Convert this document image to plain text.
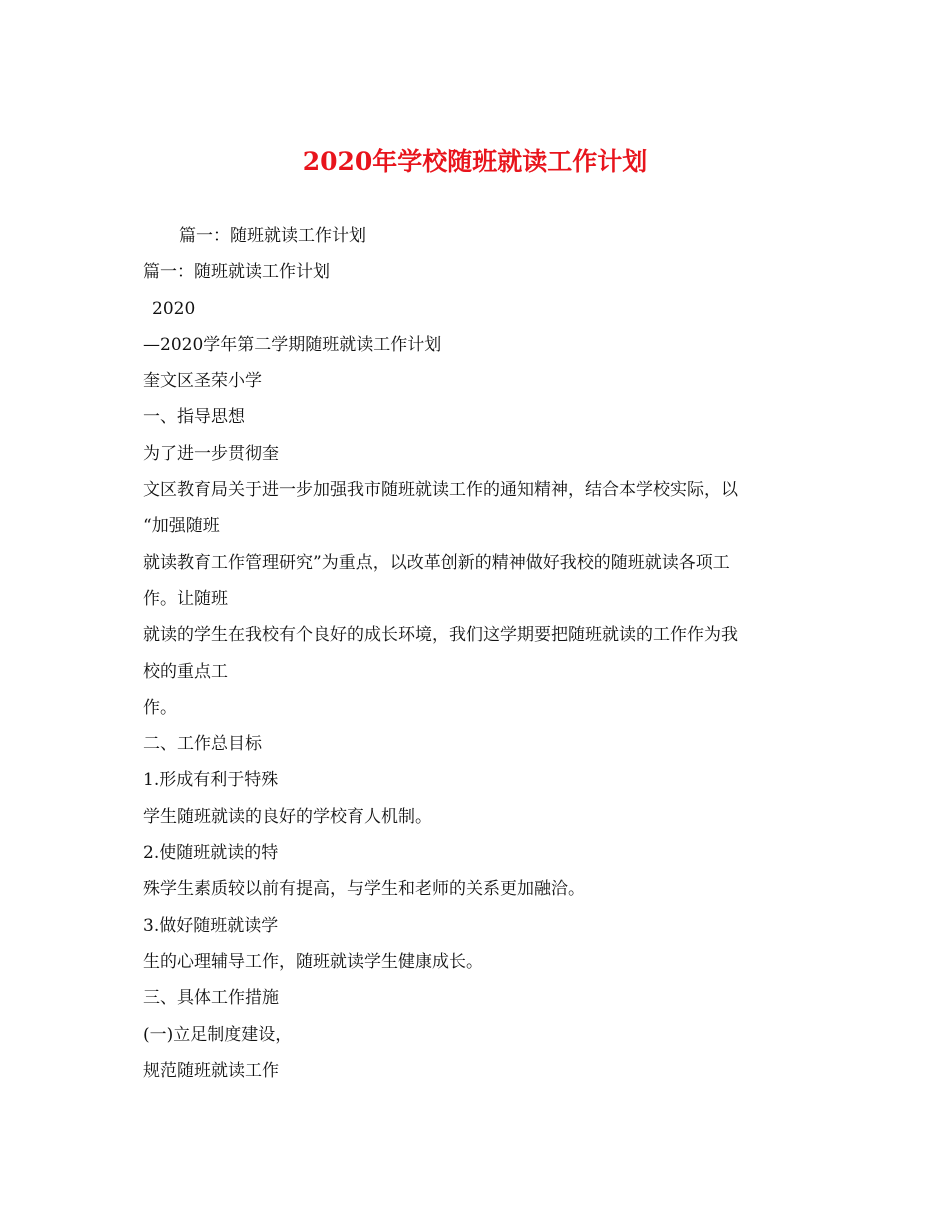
2020年学校随班就读工作计划
篇一：随班就读工作计划
篇一：随班就读工作计划
2020
—2020学年第二学期随班就读工作计划
奎文区圣荣小学
一、指导思想
为了进一步贯彻奎
文区教育局关于进一步加强我市随班就读工作的通知精神，结合本学校实际，以
“加强随班
就读教育工作管理研究”为重点，以改革创新的精神做好我校的随班就读各项工
作。让随班
就读的学生在我校有个良好的成长环境，我们这学期要把随班就读的工作作为我
校的重点工
作。
二、工作总目标
1.形成有利于特殊
学生随班就读的良好的学校育人机制。
2.使随班就读的特
殊学生素质较以前有提高，与学生和老师的关系更加融洽。
3.做好随班就读学
生的心理辅导工作，随班就读学生健康成长。
三、具体工作措施
(一)立足制度建设，
规范随班就读工作
